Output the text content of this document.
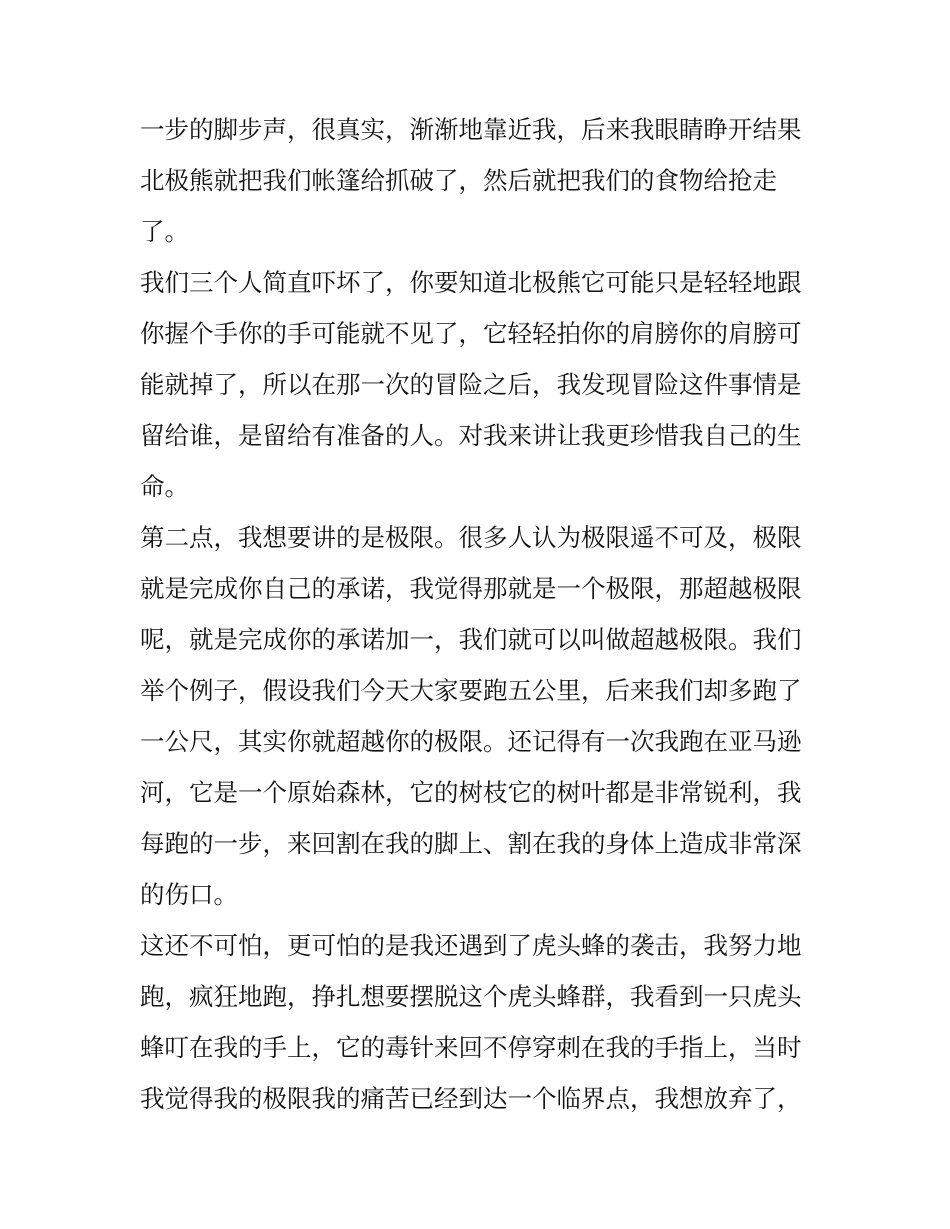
一步的脚步声，很真实，渐渐地靠近我，后来我眼睛睁开结果
北极熊就把我们帐篷给抓破了，然后就把我们的食物给抢走
了。
我们三个人简直吓坏了，你要知道北极熊它可能只是轻轻地跟
你握个手你的手可能就不见了，它轻轻拍你的肩膀你的肩膀可
能就掉了，所以在那一次的冒险之后，我发现冒险这件事情是
留给谁，是留给有准备的人。对我来讲让我更珍惜我自己的生
命。
第二点，我想要讲的是极限。很多人认为极限遥不可及，极限
就是完成你自己的承诺，我觉得那就是一个极限，那超越极限
呢，就是完成你的承诺加一，我们就可以叫做超越极限。我们
举个例子，假设我们今天大家要跑五公里，后来我们却多跑了
一公尺，其实你就超越你的极限。还记得有一次我跑在亚马逊
河，它是一个原始森林，它的树枝它的树叶都是非常锐利，我
每跑的一步，来回割在我的脚上、割在我的身体上造成非常深
的伤口。
这还不可怕，更可怕的是我还遇到了虎头蜂的袭击，我努力地
跑，疯狂地跑，挣扎想要摆脱这个虎头蜂群，我看到一只虎头
蜂叮在我的手上，它的毒针来回不停穿刺在我的手指上，当时
我觉得我的极限我的痛苦已经到达一个临界点，我想放弃了，
